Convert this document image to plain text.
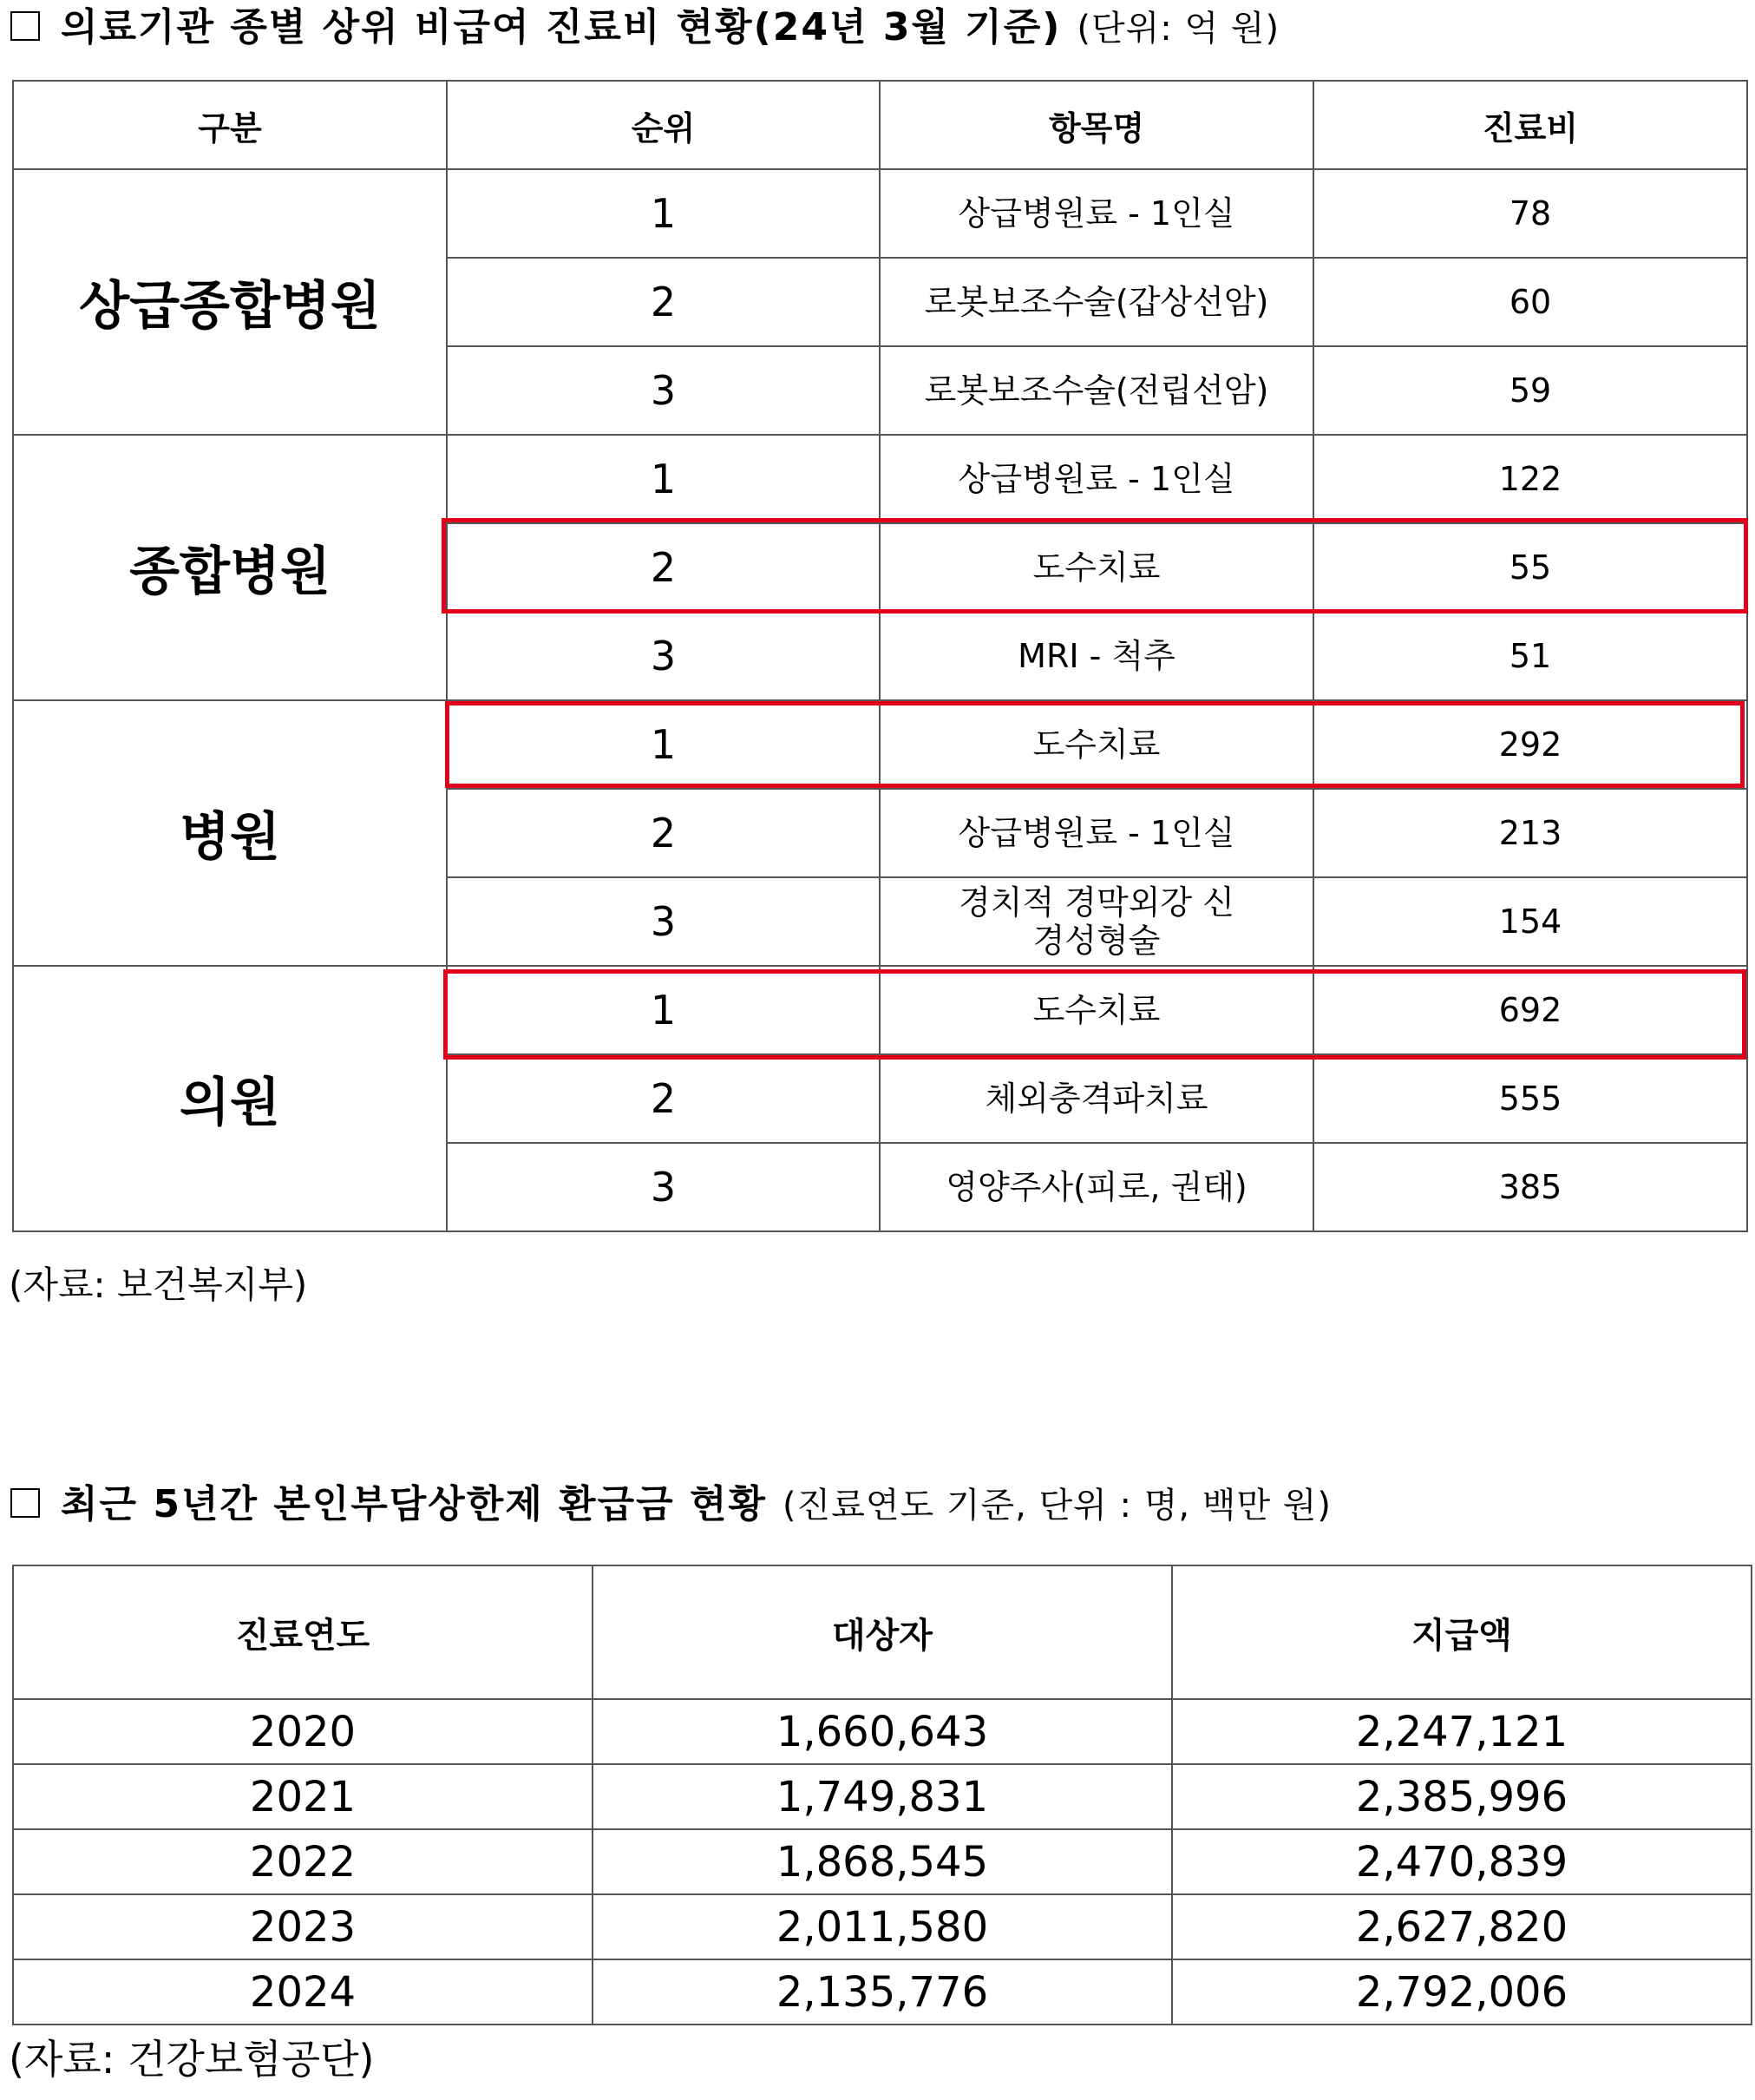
의료기관 종별 상위 비급여 진료비 현황(24년 3월 기준) (단위: 억 원)
구분	순위	항목명	진료비
상급종합병원	1	상급병원료 - 1인실	78
	2	로봇보조수술(갑상선암)	60
	3	로봇보조수술(전립선암)	59
종합병원	1	상급병원료 - 1인실	122
	2	도수치료	55
	3	MRI - 척추	51
병원	1	도수치료	292
	2	상급병원료 - 1인실	213
	3	경치적 경막외강 신경성형술	154
의원	1	도수치료	692
	2	체외충격파치료	555
	3	영양주사(피로, 권태)	385
(자료: 보건복지부)
최근 5년간 본인부담상한제 환급금 현황 (진료연도 기준, 단위 : 명, 백만 원)
진료연도	대상자	지급액
2020	1,660,643	2,247,121
2021	1,749,831	2,385,996
2022	1,868,545	2,470,839
2023	2,011,580	2,627,820
2024	2,135,776	2,792,006
(자료: 건강보험공단)
